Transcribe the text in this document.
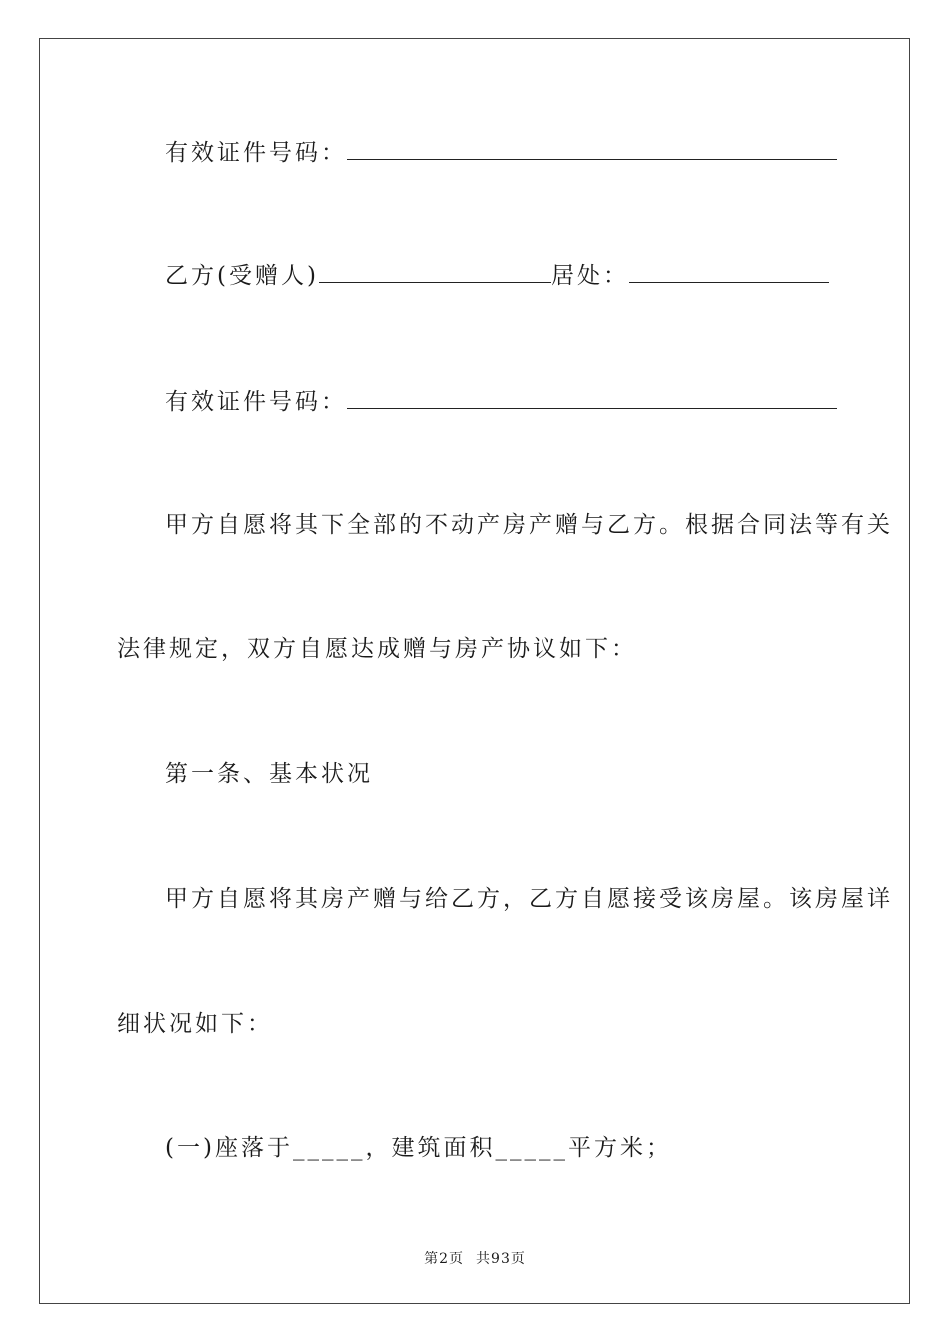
有效证件号码：
乙方(受赠人)	居处：
有效证件号码：
甲方自愿将其下全部的不动产房产赠与乙方。根据合同法等有关
法律规定，双方自愿达成赠与房产协议如下：
第一条、基本状况
甲方自愿将其房产赠与给乙方，乙方自愿接受该房屋。该房屋详
细状况如下：
(一)座落于_____，建筑面积_____平方米；
第2页 共93页
